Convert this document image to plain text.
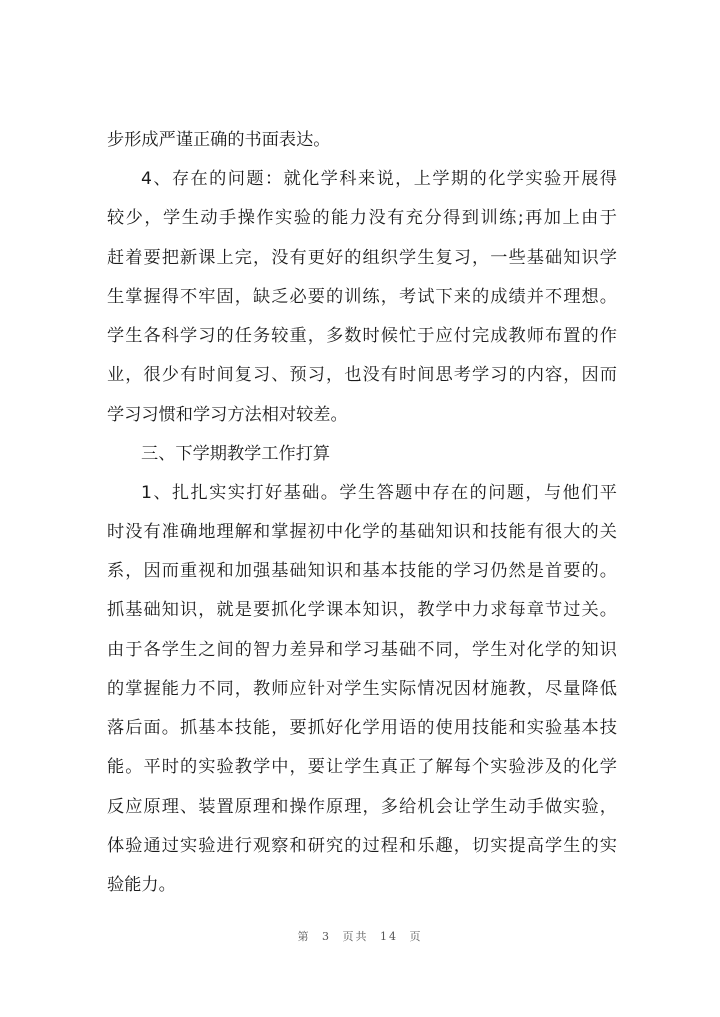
步形成严谨正确的书面表达。
4、存在的问题：就化学科来说，上学期的化学实验开展得
较少，学生动手操作实验的能力没有充分得到训练;再加上由于
赶着要把新课上完，没有更好的组织学生复习，一些基础知识学
生掌握得不牢固，缺乏必要的训练，考试下来的成绩并不理想。
学生各科学习的任务较重，多数时候忙于应付完成教师布置的作
业，很少有时间复习、预习，也没有时间思考学习的内容，因而
学习习惯和学习方法相对较差。
三、下学期教学工作打算
1、扎扎实实打好基础。学生答题中存在的问题，与他们平
时没有准确地理解和掌握初中化学的基础知识和技能有很大的关
系，因而重视和加强基础知识和基本技能的学习仍然是首要的。
抓基础知识，就是要抓化学课本知识，教学中力求每章节过关。
由于各学生之间的智力差异和学习基础不同，学生对化学的知识
的掌握能力不同，教师应针对学生实际情况因材施教，尽量降低
落后面。抓基本技能，要抓好化学用语的使用技能和实验基本技
能。平时的实验教学中，要让学生真正了解每个实验涉及的化学
反应原理、装置原理和操作原理，多给机会让学生动手做实验，
体验通过实验进行观察和研究的过程和乐趣，切实提高学生的实
验能力。
第 3 页共 14 页
